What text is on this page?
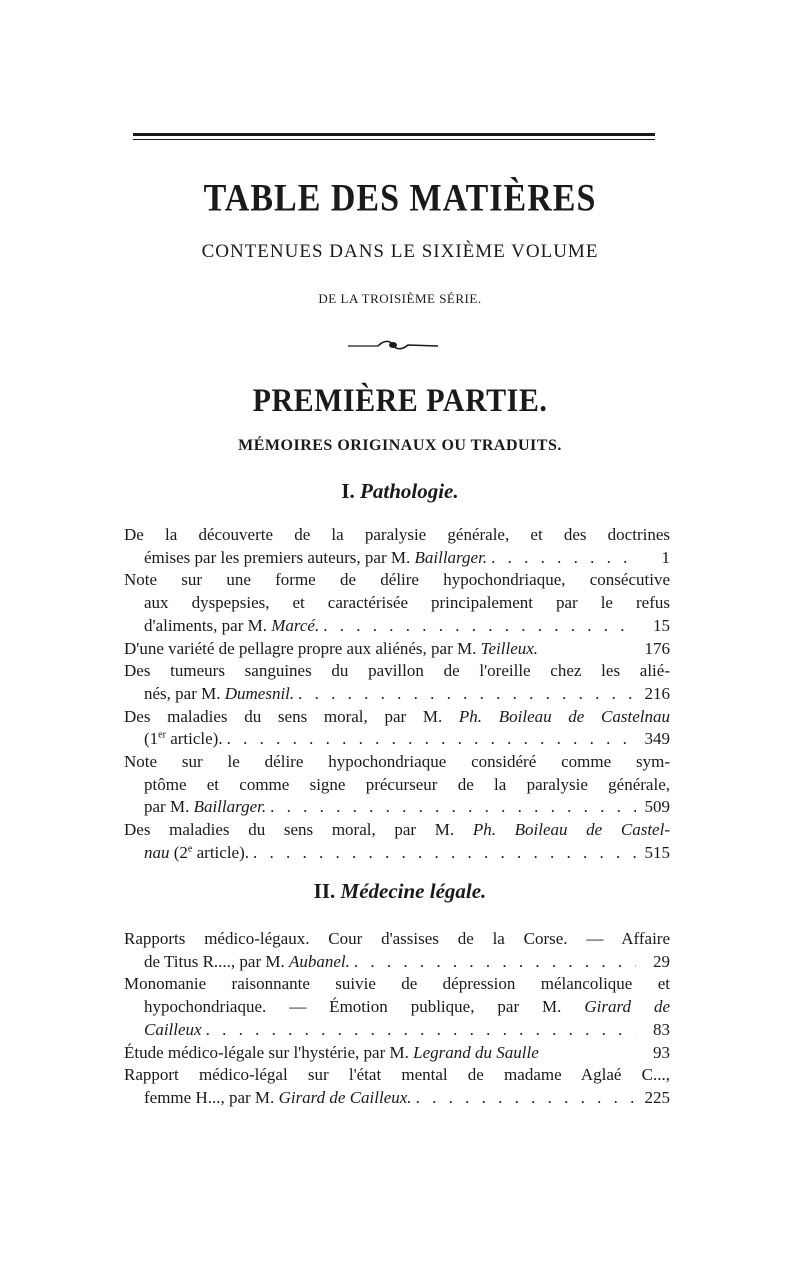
TABLE DES MATIÈRES
CONTENUES DANS LE SIXIÈME VOLUME
DE LA TROISIÈME SÉRIE.
PREMIÈRE PARTIE.
MÉMOIRES ORIGINAUX OU TRADUITS.
I. Pathologie.
De la découverte de la paralysie générale, et des doctrines
émises par les premiers auteurs, par M. Baillarger. . . .	1
Note sur une forme de délire hypochondriaque, consécutive
aux dyspepsies, et caractérisée principalement par le refus
d'aliments, par M. Marcé. . . .	15
D'une variété de pellagre propre aux aliénés, par M. Teilleux.	176
Des tumeurs sanguines du pavillon de l'oreille chez les alié-
nés, par M. Dumesnil. . . .	216
Des maladies du sens moral, par M. Ph. Boileau de Castelnau
(1er article). . . .	349
Note sur le délire hypochondriaque considéré comme sym-
ptôme et comme signe précurseur de la paralysie générale,
par M. Baillarger. . . .	509
Des maladies du sens moral, par M. Ph. Boileau de Castel-
nau (2e article). . . .	515
II. Médecine légale.
Rapports médico-légaux. Cour d'assises de la Corse. — Affaire
de Titus R...., par M. Aubanel. . . .	29
Monomanie raisonnante suivie de dépression mélancolique et
hypochondriaque. — Émotion publique, par M. Girard de
Cailleux . . .	83
Étude médico-légale sur l'hystérie, par M. Legrand du Saulle	93
Rapport médico-légal sur l'état mental de madame Aglaé C...,
femme H..., par M. Girard de Cailleux. . . .	225
